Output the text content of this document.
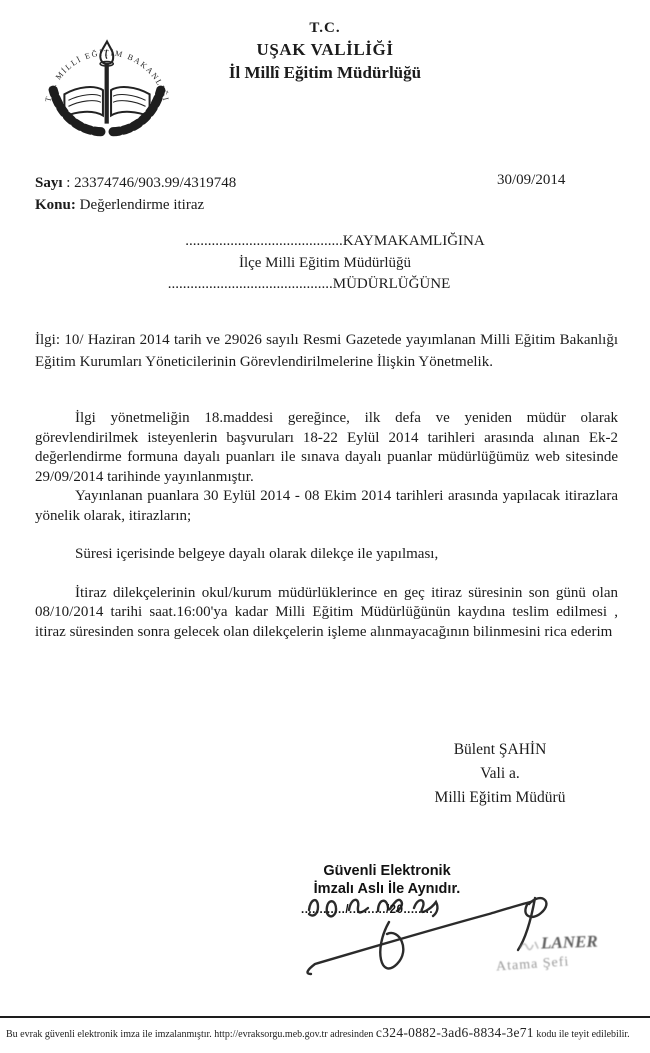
T.C. MİLLİ EĞİTİM BAKANLIĞI
T.C.
UŞAK VALİLİĞİ
İl Millî Eğitim Müdürlüğü
Sayı : 23374746/903.99/4319748
Konu: Değerlendirme itiraz
30/09/2014
..........................................KAYMAKAMLIĞINA
İlçe Milli Eğitim Müdürlüğü
............................................MÜDÜRLÜĞÜNE
İlgi: 10/ Haziran 2014 tarih ve 29026 sayılı Resmi Gazetede yayımlanan Milli Eğitim Bakanlığı Eğitim Kurumları Yöneticilerinin Görevlendirilmelerine İlişkin Yönetmelik.

İlgi yönetmeliğin 18.maddesi gereğince, ilk defa ve yeniden müdür olarak görevlendirilmek isteyenlerin başvuruları 18-22 Eylül 2014 tarihleri arasında alınan Ek-2 değerlendirme formuna dayalı puanları ile sınava dayalı puanlar müdürlüğümüz web sitesinde 29/09/2014 tarihinde yayınlanmıştır.

Yayınlanan puanlara 30 Eylül 2014 - 08 Ekim 2014 tarihleri arasında yapılacak itirazlara yönelik olarak, itirazların;

Süresi içerisinde belgeye dayalı olarak dilekçe ile yapılması,

İtiraz dilekçelerinin okul/kurum müdürlüklerince en geç itiraz süresinin son günü olan 08/10/2014 tarihi saat.16:00'ya kadar Milli Eğitim Müdürlüğünün kaydına teslim edilmesi , itiraz süresinden sonra gelecek olan dilekçelerin işleme alınmayacağının bilinmesini rica ederim

Bülent ŞAHİN
Vali a.
Milli Eğitim Müdürü
Güvenli Elektronik
İmzalı Aslı İle Aynıdır.
............/........../20........
LANER
Atama Şefi
Bu evrak güvenli elektronik imza ile imzalanmıştır. http://evraksorgu.meb.gov.tr adresinden c324-0882-3ad6-8834-3e71 kodu ile teyit edilebilir.
